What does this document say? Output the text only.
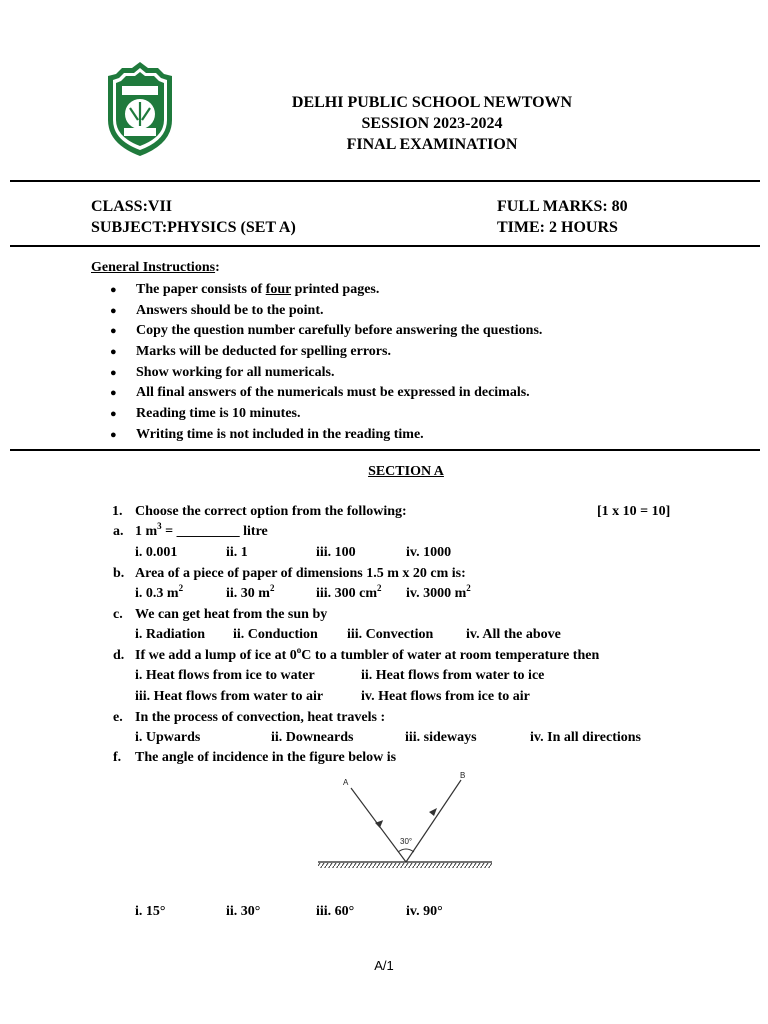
DELHI PUBLIC SCHOOL NEWTOWN
SESSION 2023-2024
FINAL EXAMINATION
CLASS:VII
SUBJECT:PHYSICS (SET A)
FULL MARKS: 80
TIME: 2 HOURS
General Instructions:
● The paper consists of four printed pages.
● Answers should be to the point.
● Copy the question number carefully before answering the questions.
● Marks will be deducted for spelling errors.
● Show working for all numericals.
● All final answers of the numericals must be expressed in decimals.
● Reading time is 10 minutes.
● Writing time is not included in the reading time.
SECTION A
1. Choose the correct option from the following:	[1 x 10 = 10]
a. 1 $m^3$ = _________ litre
i. 0.001	ii. 1	iii. 100	iv. 1000
b. Area of a piece of paper of dimensions 1.5 m x 20 cm is:
i. 0.3 $m^2$	ii. 30 $m^2$	iii. 300 $cm^2$ iv. 3000 $m^2$
c. We can get heat from the sun by
i. Radiation ii. Conduction iii. Convection iv. All the above
d. If we add a lump of ice at 0$^o$C to a tumbler of water at room temperature then
i. Heat flows from ice to water	ii. Heat flows from water to ice
iii. Heat flows from water to air	iv. Heat flows from ice to air
e. In the process of convection, heat travels :
i. Upwards	ii. Downeards	iii. sideways	iv. In all directions
f. The angle of incidence in the figure below is
A
B
30°
i. 15°	ii. 30°	iii. 60°	iv. 90°
A/1
